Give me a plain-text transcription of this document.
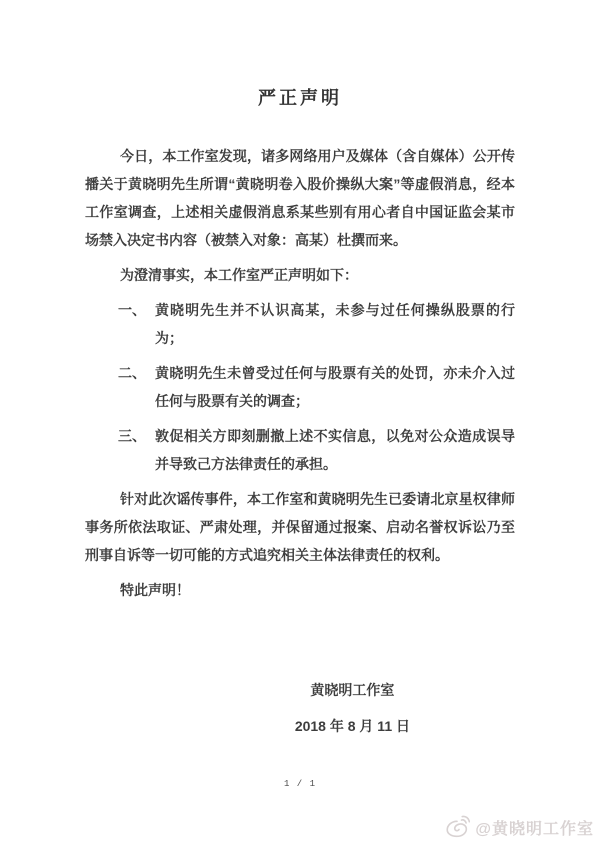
严正声明

今日，本工作室发现，诸多网络用户及媒体（含自媒体）公开传播关于黄晓明先生所谓“黄晓明卷入股价操纵大案”等虚假消息，经本工作室调查，上述相关虚假消息系某些别有用心者自中国证监会某市场禁入决定书内容（被禁入对象：高某）杜撰而来。

为澄清事实，本工作室严正声明如下：

一、 黄晓明先生并不认识高某，未参与过任何操纵股票的行为；
二、 黄晓明先生未曾受过任何与股票有关的处罚，亦未介入过任何与股票有关的调查；
三、 敦促相关方即刻删撤上述不实信息，以免对公众造成误导并导致己方法律责任的承担。

针对此次谣传事件，本工作室和黄晓明先生已委请北京星权律师事务所依法取证、严肃处理，并保留通过报案、启动名誉权诉讼乃至刑事自诉等一切可能的方式追究相关主体法律责任的权利。

特此声明！

黄晓明工作室
2018 年 8 月 11 日
1 / 1
@黄晓明工作室
